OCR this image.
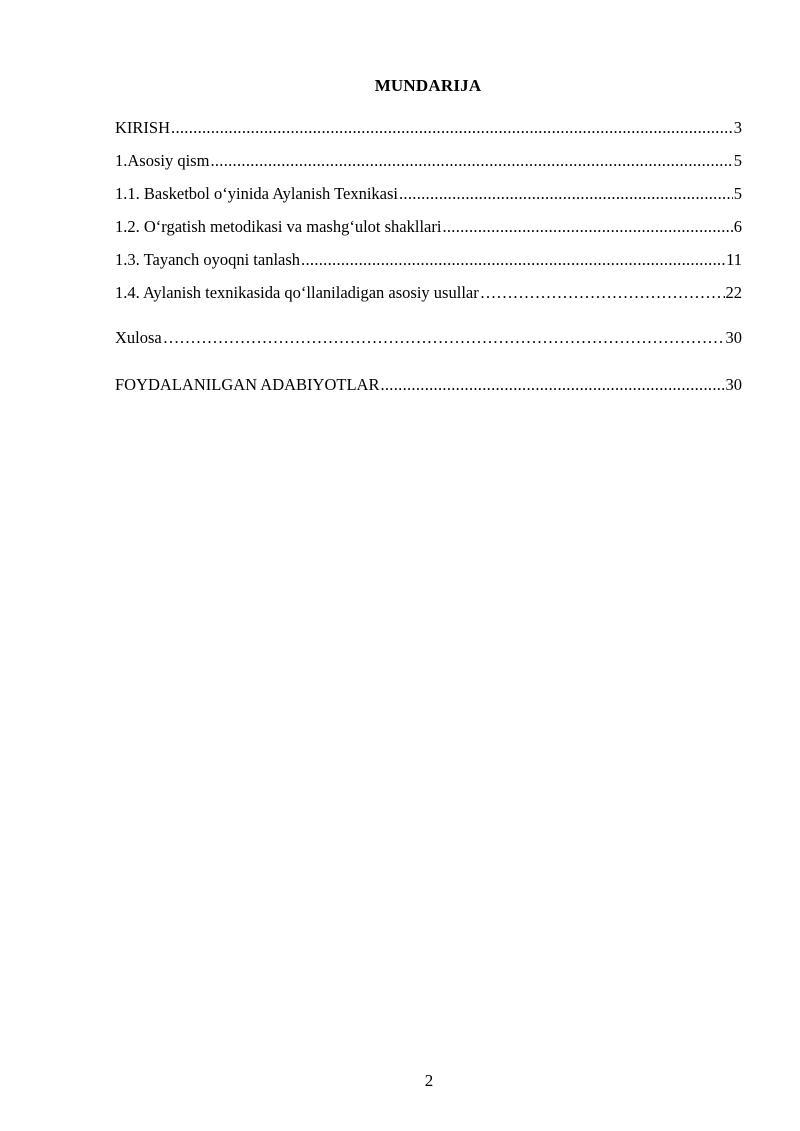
MUNDARIJA
KIRISH .....	3
1.Asosiy qism .....	5
1.1. Basketbol o‘yinida Aylanish Texnikasi .....	5
1.2. O‘rgatish metodikasi va mashg‘ulot shakllari .....	6
1.3. Tayanch oyoqni tanlash .....	11
1.4. Aylanish texnikasida qo‘llaniladigan asosiy usullar ………………………………………………………………………………………………………………	22
Xulosa ………………………………………………………………………………………………………………	30
FOYDALANILGAN ADABIYOTLAR .....	30
2
